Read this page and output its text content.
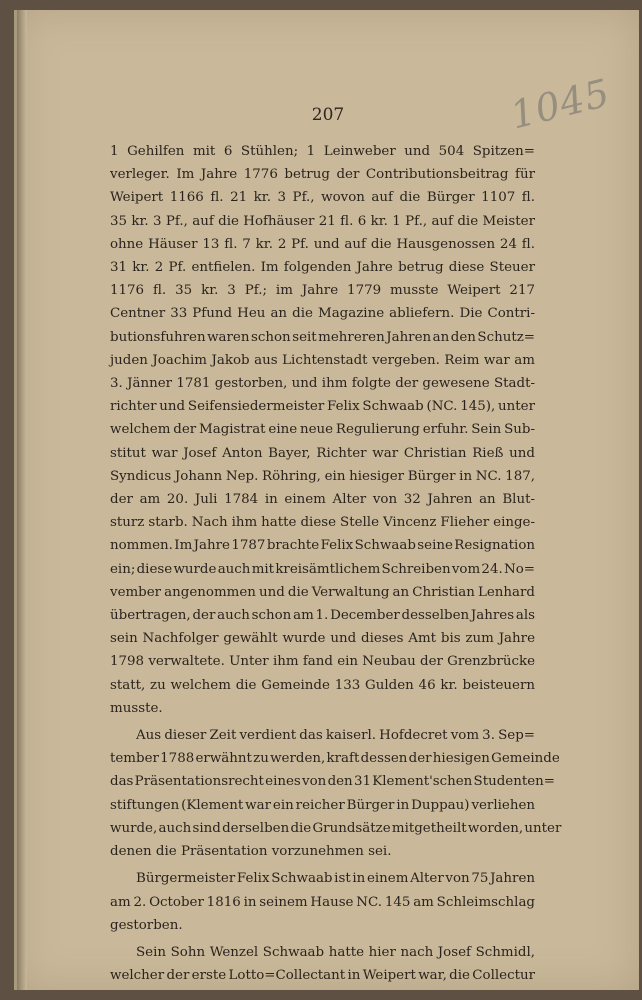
207	1045
1 Gehilfen mit 6 Stühlen; 1 Leinweber und 504 Spitzen=
verleger. Im Jahre 1776 betrug der Contributionsbeitrag für
Weipert 1166 fl. 21 kr. 3 Pf., wovon auf die Bürger 1107 fl.
35 kr. 3 Pf., auf die Hofhäuser 21 fl. 6 kr. 1 Pf., auf die Meister
ohne Häuser 13 fl. 7 kr. 2 Pf. und auf die Hausgenossen 24 fl.
31 kr. 2 Pf. entfielen. Im folgenden Jahre betrug diese Steuer
1176 fl. 35 kr. 3 Pf.; im Jahre 1779 musste Weipert 217
Centner 33 Pfund Heu an die Magazine abliefern. Die Contri-
butionsfuhren waren schon seit mehreren Jahren an den Schutz=
juden Joachim Jakob aus Lichtenstadt vergeben. Reim war am
3. Jänner 1781 gestorben, und ihm folgte der gewesene Stadt-
richter und Seifensiedermeister Felix Schwaab (NC. 145), unter
welchem der Magistrat eine neue Regulierung erfuhr. Sein Sub-
stitut war Josef Anton Bayer, Richter war Christian Rieß und
Syndicus Johann Nep. Röhring, ein hiesiger Bürger in NC. 187,
der am 20. Juli 1784 in einem Alter von 32 Jahren an Blut-
sturz starb. Nach ihm hatte diese Stelle Vincenz Flieher einge-
nommen. Im Jahre 1787 brachte Felix Schwaab seine Resignation
ein; diese wurde auch mit kreisämtlichem Schreiben vom 24. No=
vember angenommen und die Verwaltung an Christian Lenhard
übertragen, der auch schon am 1. December desselben Jahres als
sein Nachfolger gewählt wurde und dieses Amt bis zum Jahre
1798 verwaltete. Unter ihm fand ein Neubau der Grenzbrücke
statt, zu welchem die Gemeinde 133 Gulden 46 kr. beisteuern
musste.
Aus dieser Zeit verdient das kaiserl. Hofdecret vom 3. Sep=
tember 1788 erwähnt zu werden, kraft dessen der hiesigen Gemeinde
das Präsentationsrecht eines von den 31 Klement'schen Studenten=
stiftungen (Klement war ein reicher Bürger in Duppau) verliehen
wurde, auch sind derselben die Grundsätze mitgetheilt worden, unter
denen die Präsentation vorzunehmen sei.
Bürgermeister Felix Schwaab ist in einem Alter von 75 Jahren
am 2. October 1816 in seinem Hause NC. 145 am Schleimschlag
gestorben.
Sein Sohn Wenzel Schwaab hatte hier nach Josef Schmidl,
welcher der erste Lotto=Collectant in Weipert war, die Collectur
